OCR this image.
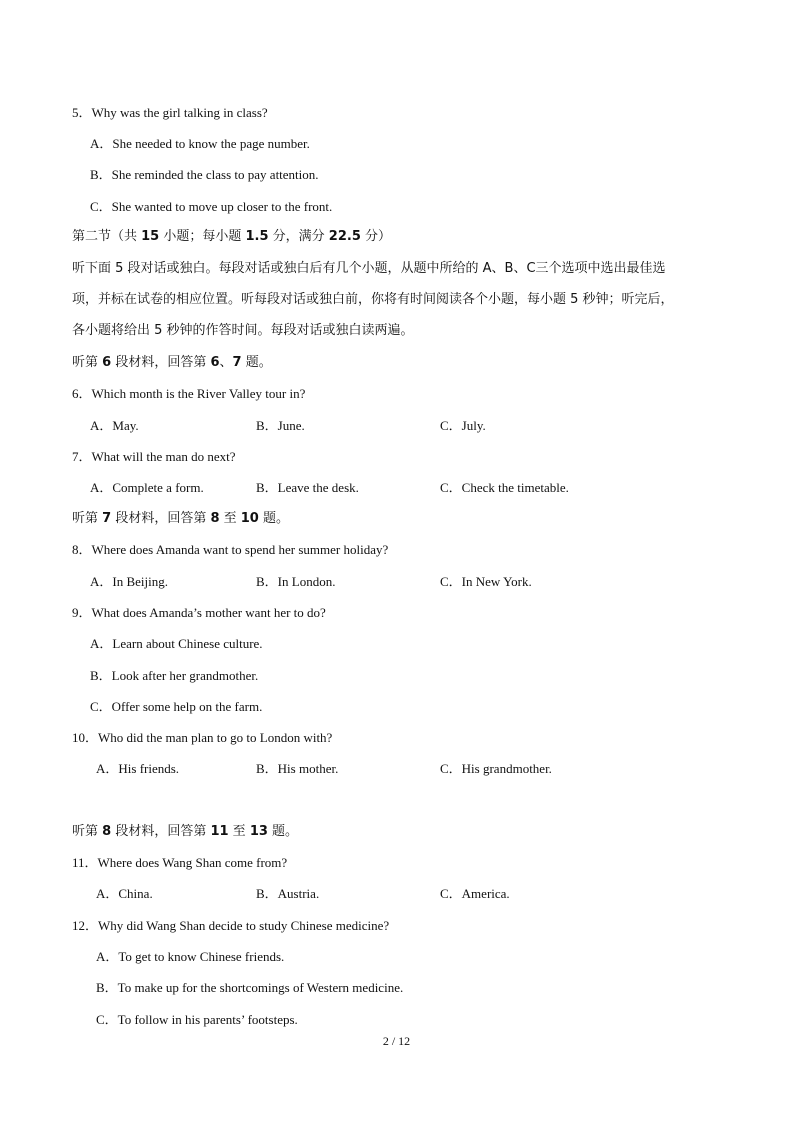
5．Why was the girl talking in class?
A．She needed to know the page number.
B．She reminded the class to pay attention.
C．She wanted to move up closer to the front.
第二节（共 15 小题；每小题 1.5 分，满分 22.5 分）
听下面 5 段对话或独白。每段对话或独白后有几个小题，从题中所给的 A、B、C三个选项中选出最佳选
项，并标在试卷的相应位置。听每段对话或独白前，你将有时间阅读各个小题，每小题 5 秒钟；听完后，
各小题将给出 5 秒钟的作答时间。每段对话或独白读两遍。
听第 6 段材料，回答第 6、7 题。
6．Which month is the River Valley tour in?
A．May.	B．June.	C．July.
7．What will the man do next?
A．Complete a form.	B．Leave the desk.	C．Check the timetable.
听第 7 段材料，回答第 8 至 10 题。
8．Where does Amanda want to spend her summer holiday?
A．In Beijing.	B．In London.	C．In New York.
9．What does Amanda’s mother want her to do?
A．Learn about Chinese culture.
B．Look after her grandmother.
C．Offer some help on the farm.
10．Who did the man plan to go to London with?
A．His friends.	B．His mother.	C．His grandmother.
听第 8 段材料，回答第 11 至 13 题。
11．Where does Wang Shan come from?
A．China.	B．Austria.	C．America.
12．Why did Wang Shan decide to study Chinese medicine?
A．To get to know Chinese friends.
B．To make up for the shortcomings of Western medicine.
C．To follow in his parents’ footsteps.
2 / 12
